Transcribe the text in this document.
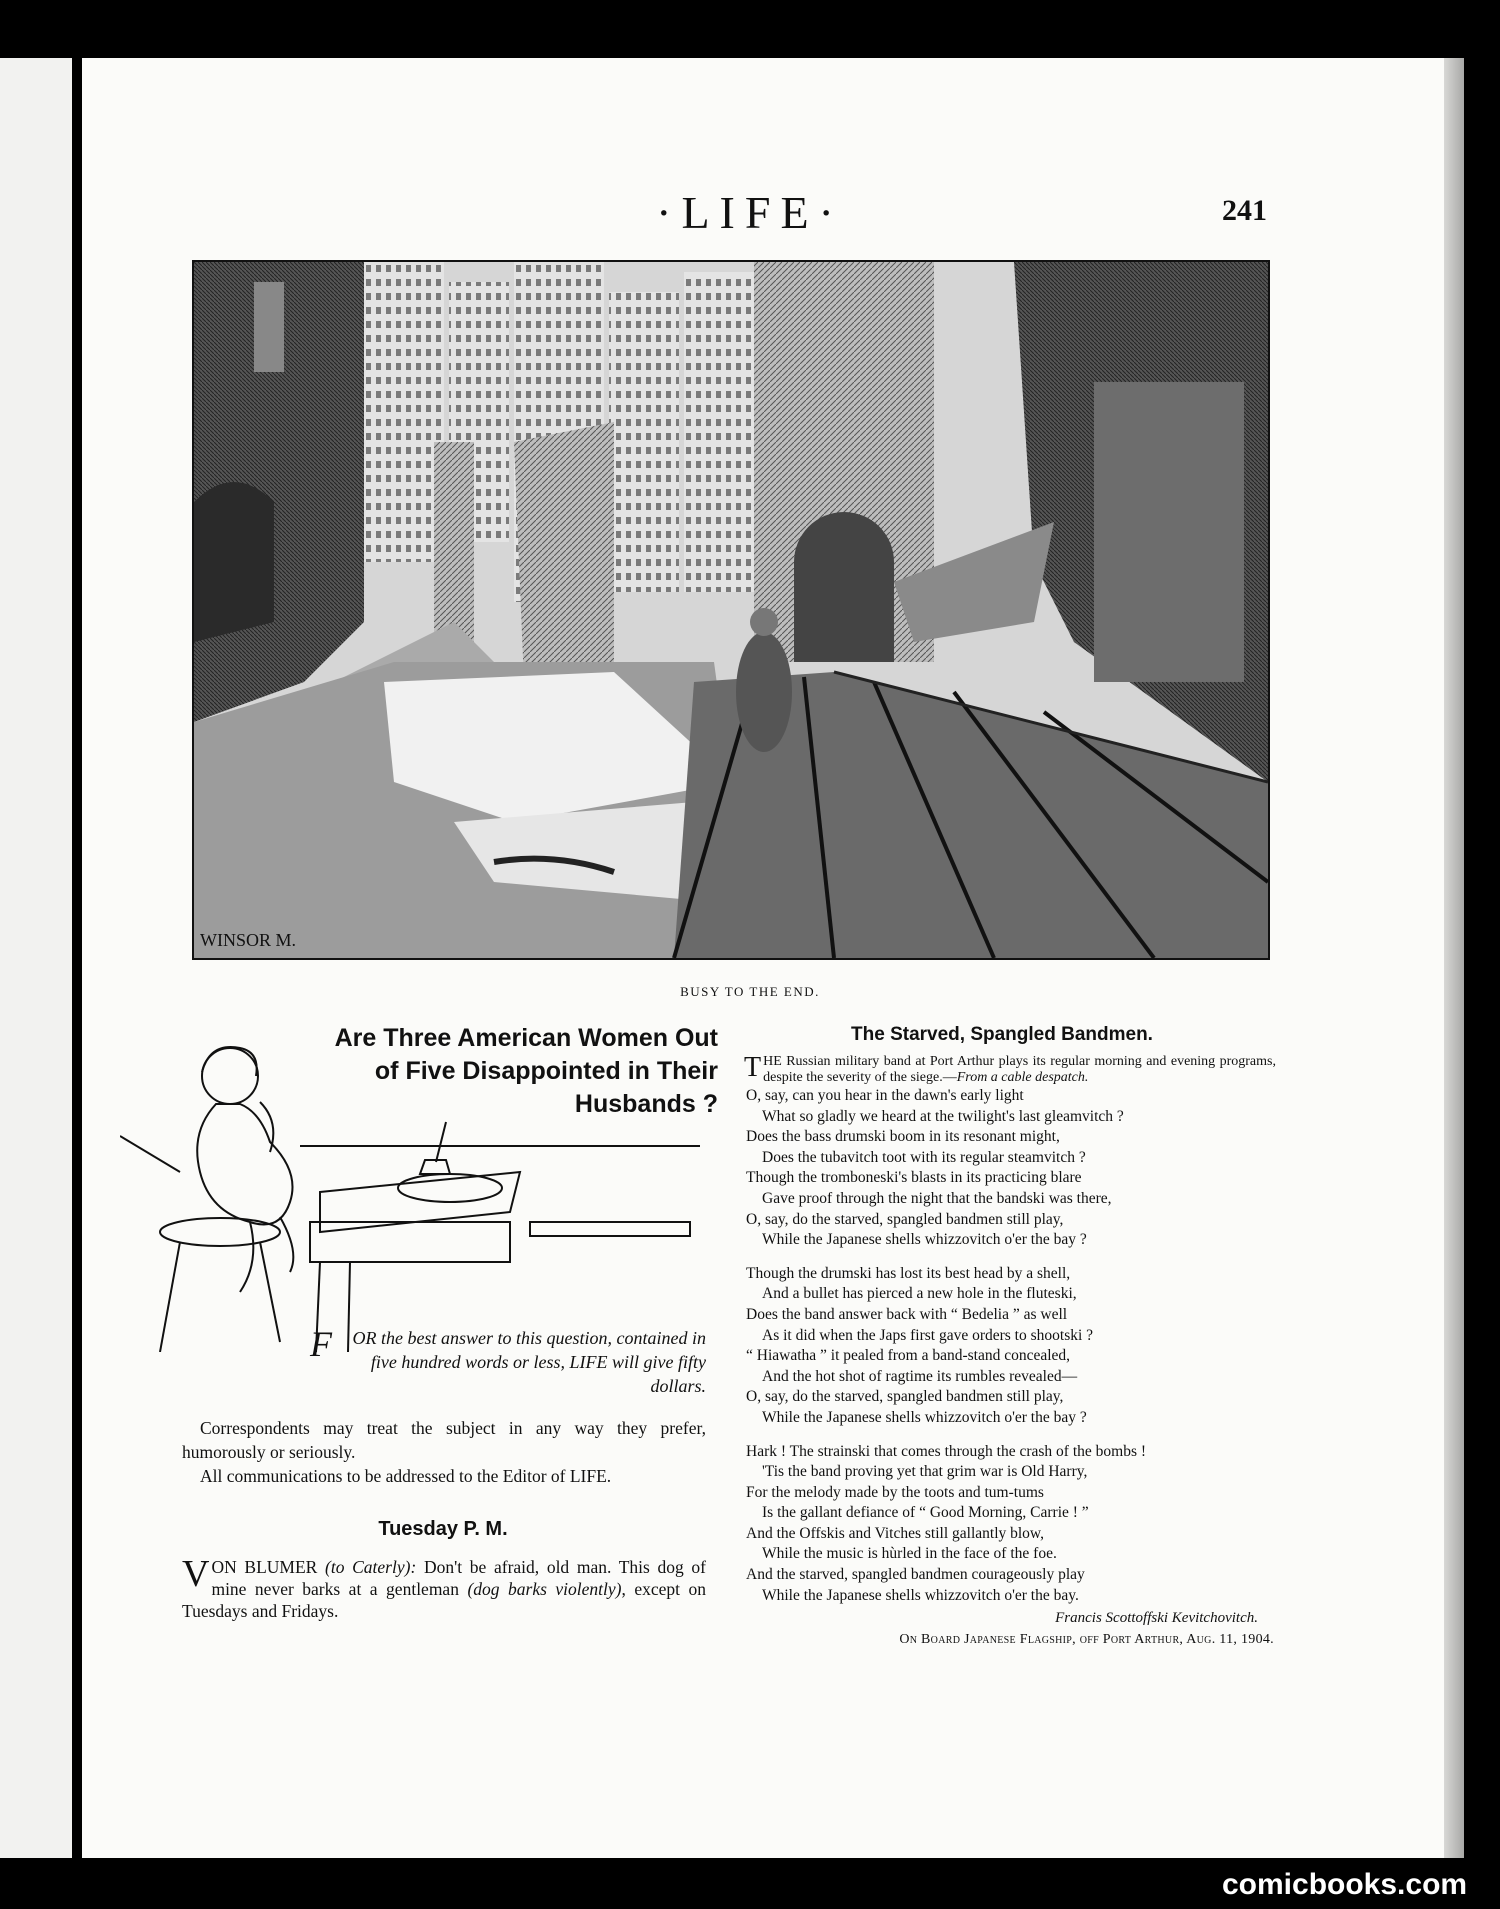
·LIFE·	241
WINSOR M.
BUSY TO THE END.
Are Three American Women Out of Five Disappointed in Their Husbands ?
F OR the best answer to this question, contained in five hundred words or less, LIFE will give fifty dollars.
Correspondents may treat the subject in any way they prefer, humorously or seriously.
All communications to be addressed to the Editor of LIFE.
Tuesday P. M.
VON BLUMER (to Caterly): Don't be afraid, old man. This dog of mine never barks at a gentleman (dog barks violently), except on Tuesdays and Fridays.
The Starved, Spangled Bandmen.
THE Russian military band at Port Arthur plays its regular morning and evening programs, despite the severity of the siege.—From a cable despatch.
O, say, can you hear in the dawn's early light
What so gladly we heard at the twilight's last gleamvitch ?
Does the bass drumski boom in its resonant might,
Does the tubavitch toot with its regular steamvitch ?
Though the tromboneski's blasts in its practicing blare
Gave proof through the night that the bandski was there,
O, say, do the starved, spangled bandmen still play,
While the Japanese shells whizzovitch o'er the bay ?
Though the drumski has lost its best head by a shell,
And a bullet has pierced a new hole in the fluteski,
Does the band answer back with “ Bedelia ” as well
As it did when the Japs first gave orders to shootski ?
“ Hiawatha ” it pealed from a band-stand concealed,
And the hot shot of ragtime its rumbles revealed—
O, say, do the starved, spangled bandmen still play,
While the Japanese shells whizzovitch o'er the bay ?
Hark ! The strainski that comes through the crash of the bombs !
'Tis the band proving yet that grim war is Old Harry,
For the melody made by the toots and tum-tums
Is the gallant defiance of “ Good Morning, Carrie ! ”
And the Offskis and Vitches still gallantly blow,
While the music is hùrled in the face of the foe.
And the starved, spangled bandmen courageously play
While the Japanese shells whizzovitch o'er the bay.
Francis Scottoffski Kevitchovitch.
On Board Japanese Flagship, off Port Arthur, Aug. 11, 1904.
comicbooks.com
